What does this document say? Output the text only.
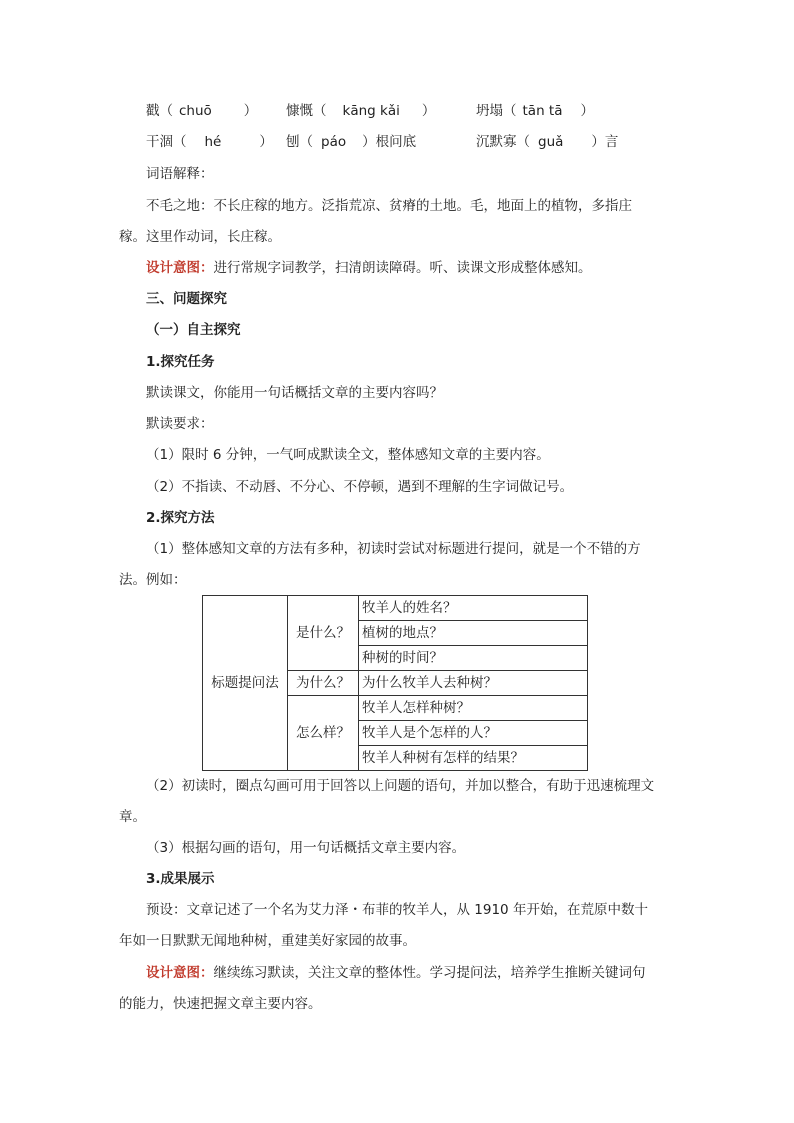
戳（ chuō ） 慷慨（ kāng kǎi ）	坍塌（ tān tā ）
干涸（ hé	） 刨（ páo ）根问底	沉默寡（ guǎ ）言
词语解释：
不毛之地：不长庄稼的地方。泛指荒凉、贫瘠的土地。毛，地面上的植物，多指庄
稼。这里作动词，长庄稼。
设计意图：进行常规字词教学，扫清朗读障碍。听、读课文形成整体感知。
三、问题探究
（一）自主探究
1.探究任务
默读课文，你能用一句话概括文章的主要内容吗？
默读要求：
（1）限时 6 分钟，一气呵成默读全文，整体感知文章的主要内容。
（2）不指读、不动唇、不分心、不停顿，遇到不理解的生字词做记号。
2.探究方法
（1）整体感知文章的方法有多种，初读时尝试对标题进行提问，就是一个不错的方
法。例如：
标题提问法	是什么？	牧羊人的姓名？
		植树的地点？
		种树的时间？
	为什么？	为什么牧羊人去种树？
	怎么样？	牧羊人怎样种树？
		牧羊人是个怎样的人？
		牧羊人种树有怎样的结果？
（2）初读时，圈点勾画可用于回答以上问题的语句，并加以整合，有助于迅速梳理文
章。
（3）根据勾画的语句，用一句话概括文章主要内容。
3.成果展示
预设：文章记述了一个名为艾力泽・布菲的牧羊人，从 1910 年开始，在荒原中数十
年如一日默默无闻地种树，重建美好家园的故事。
设计意图：继续练习默读，关注文章的整体性。学习提问法，培养学生推断关键词句
的能力，快速把握文章主要内容。
